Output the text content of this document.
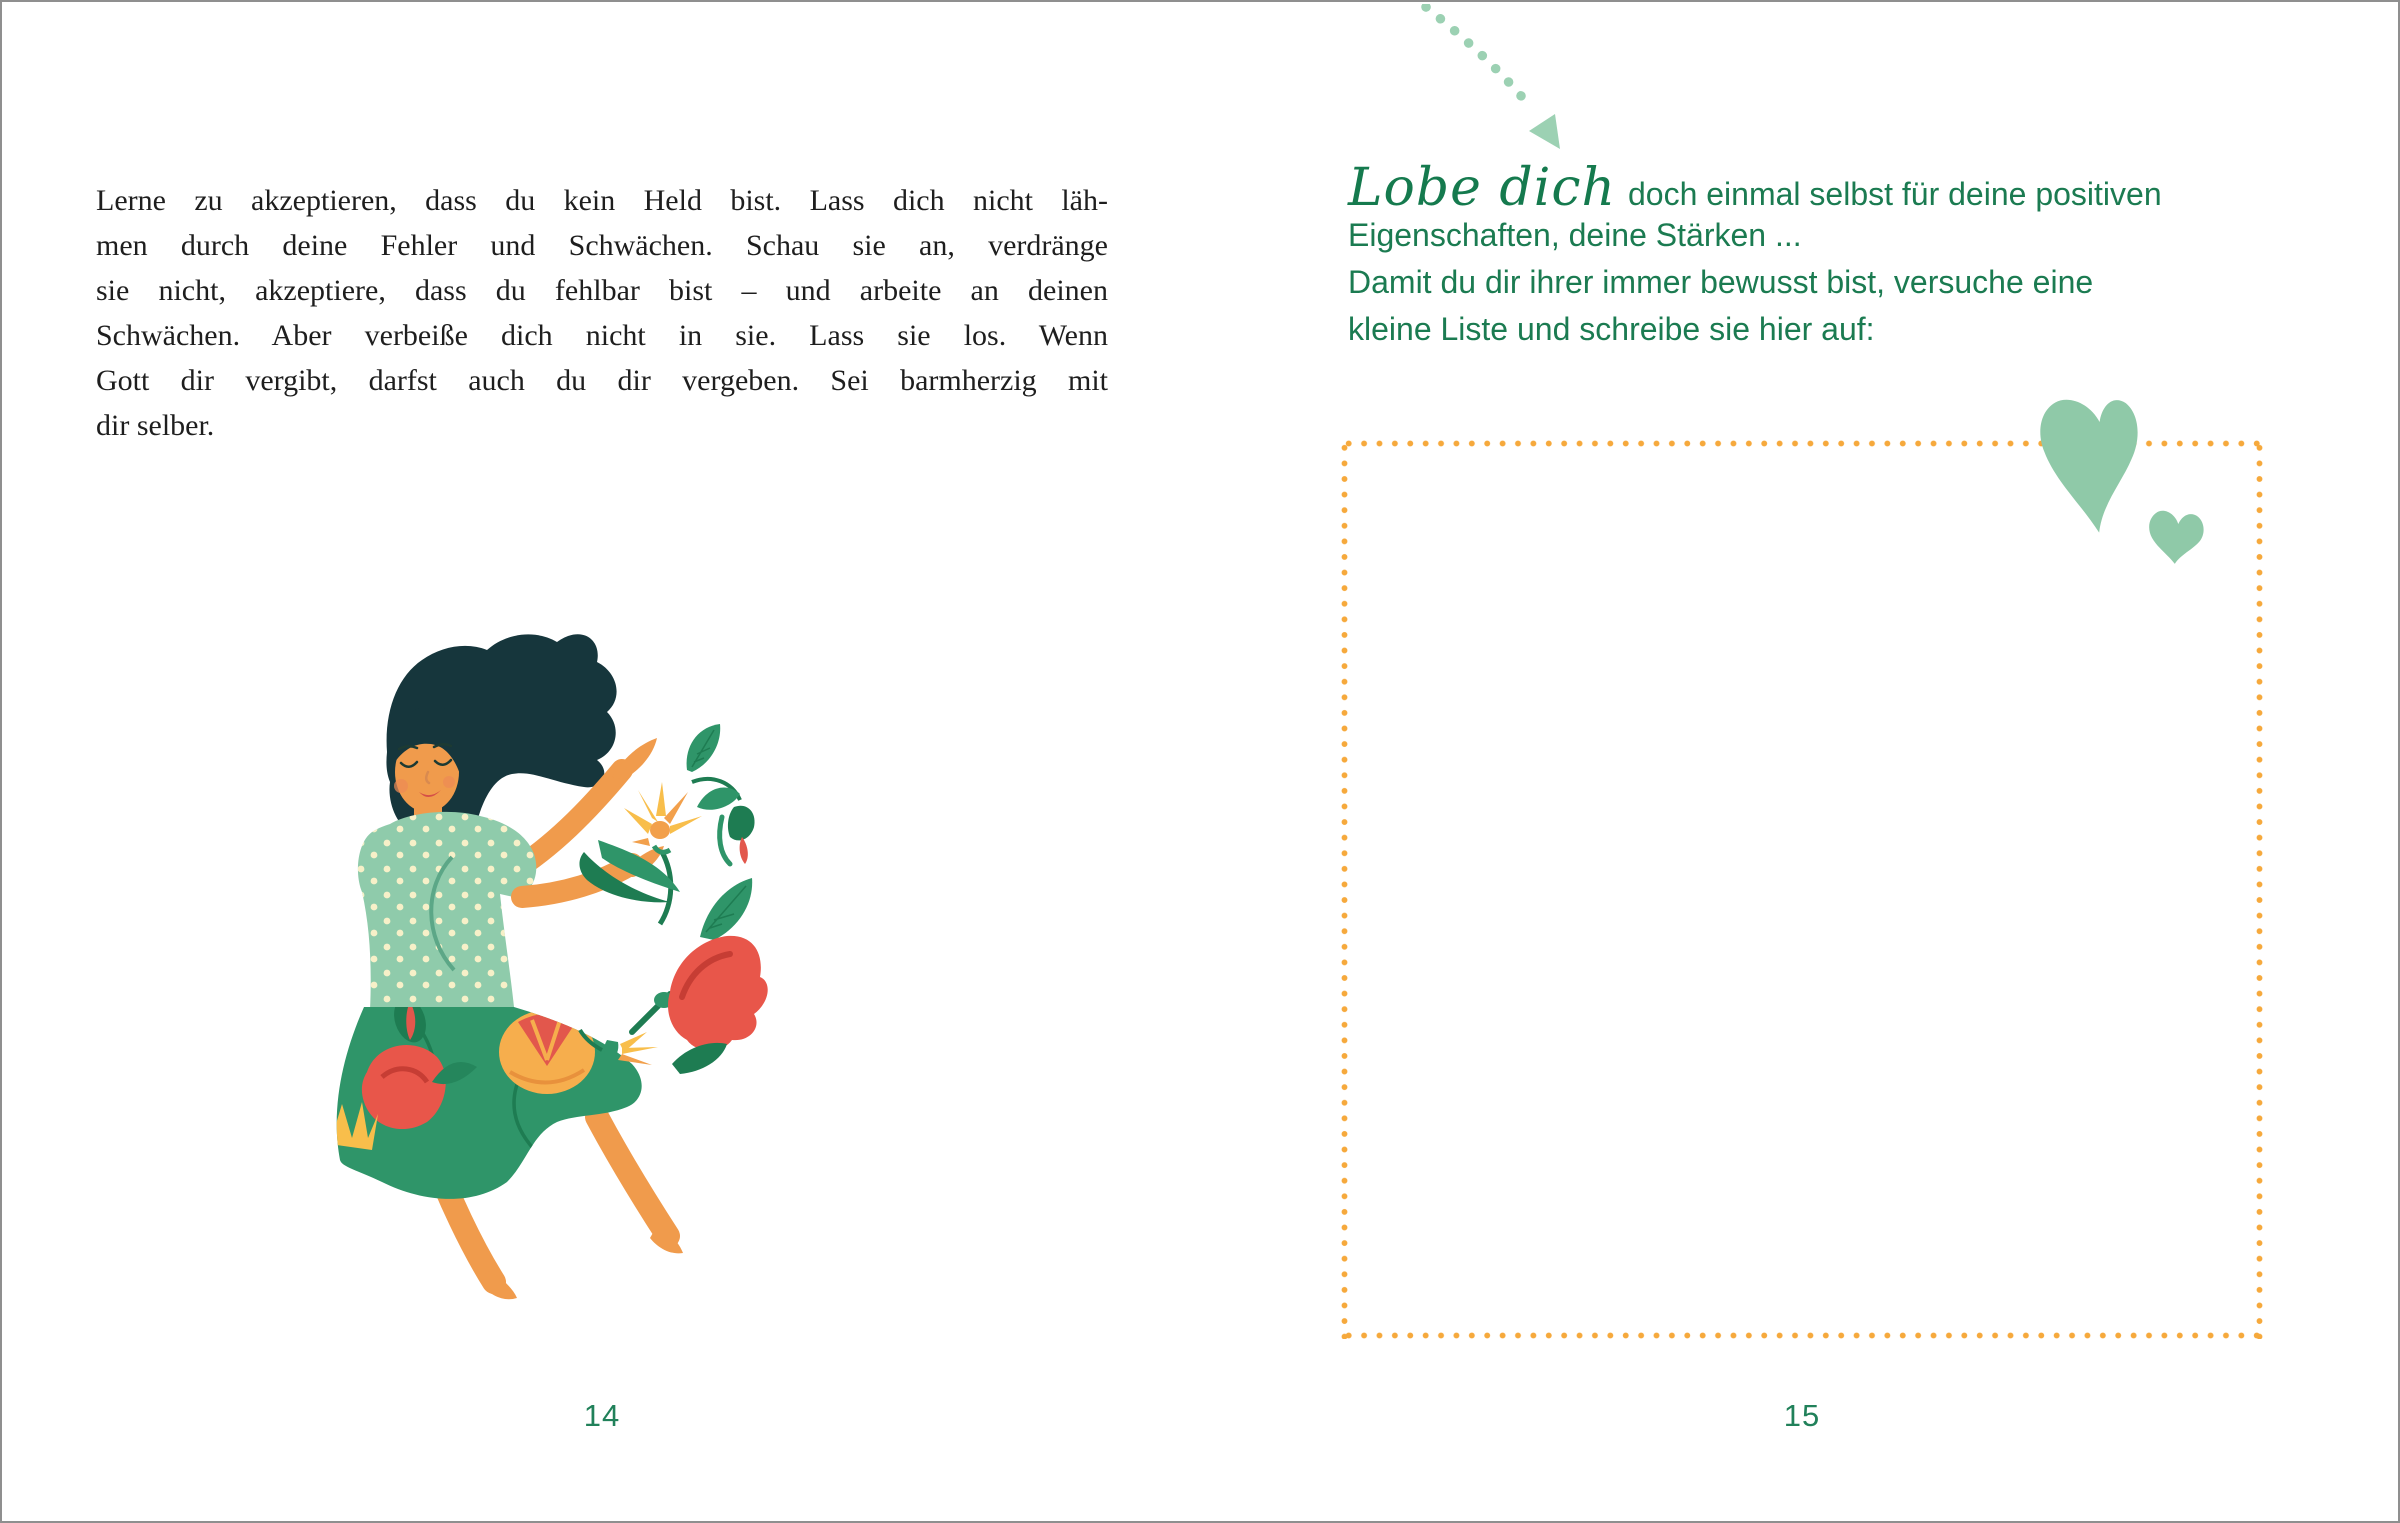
Lerne zu akzeptieren, dass du kein Held bist. Lass dich nicht läh-
men durch deine Fehler und Schwächen. Schau sie an, verdränge
sie nicht, akzeptiere, dass du fehlbar bist – und arbeite an deinen
Schwächen. Aber verbeiße dich nicht in sie. Lass sie los. Wenn
Gott dir vergibt, darfst auch du dir vergeben. Sei barmherzig mit
dir selber.
14
Lobe dich doch einmal selbst für deine positiven
Eigenschaften, deine Stärken ...
Damit du dir ihrer immer bewusst bist, versuche eine
kleine Liste und schreibe sie hier auf:
15
